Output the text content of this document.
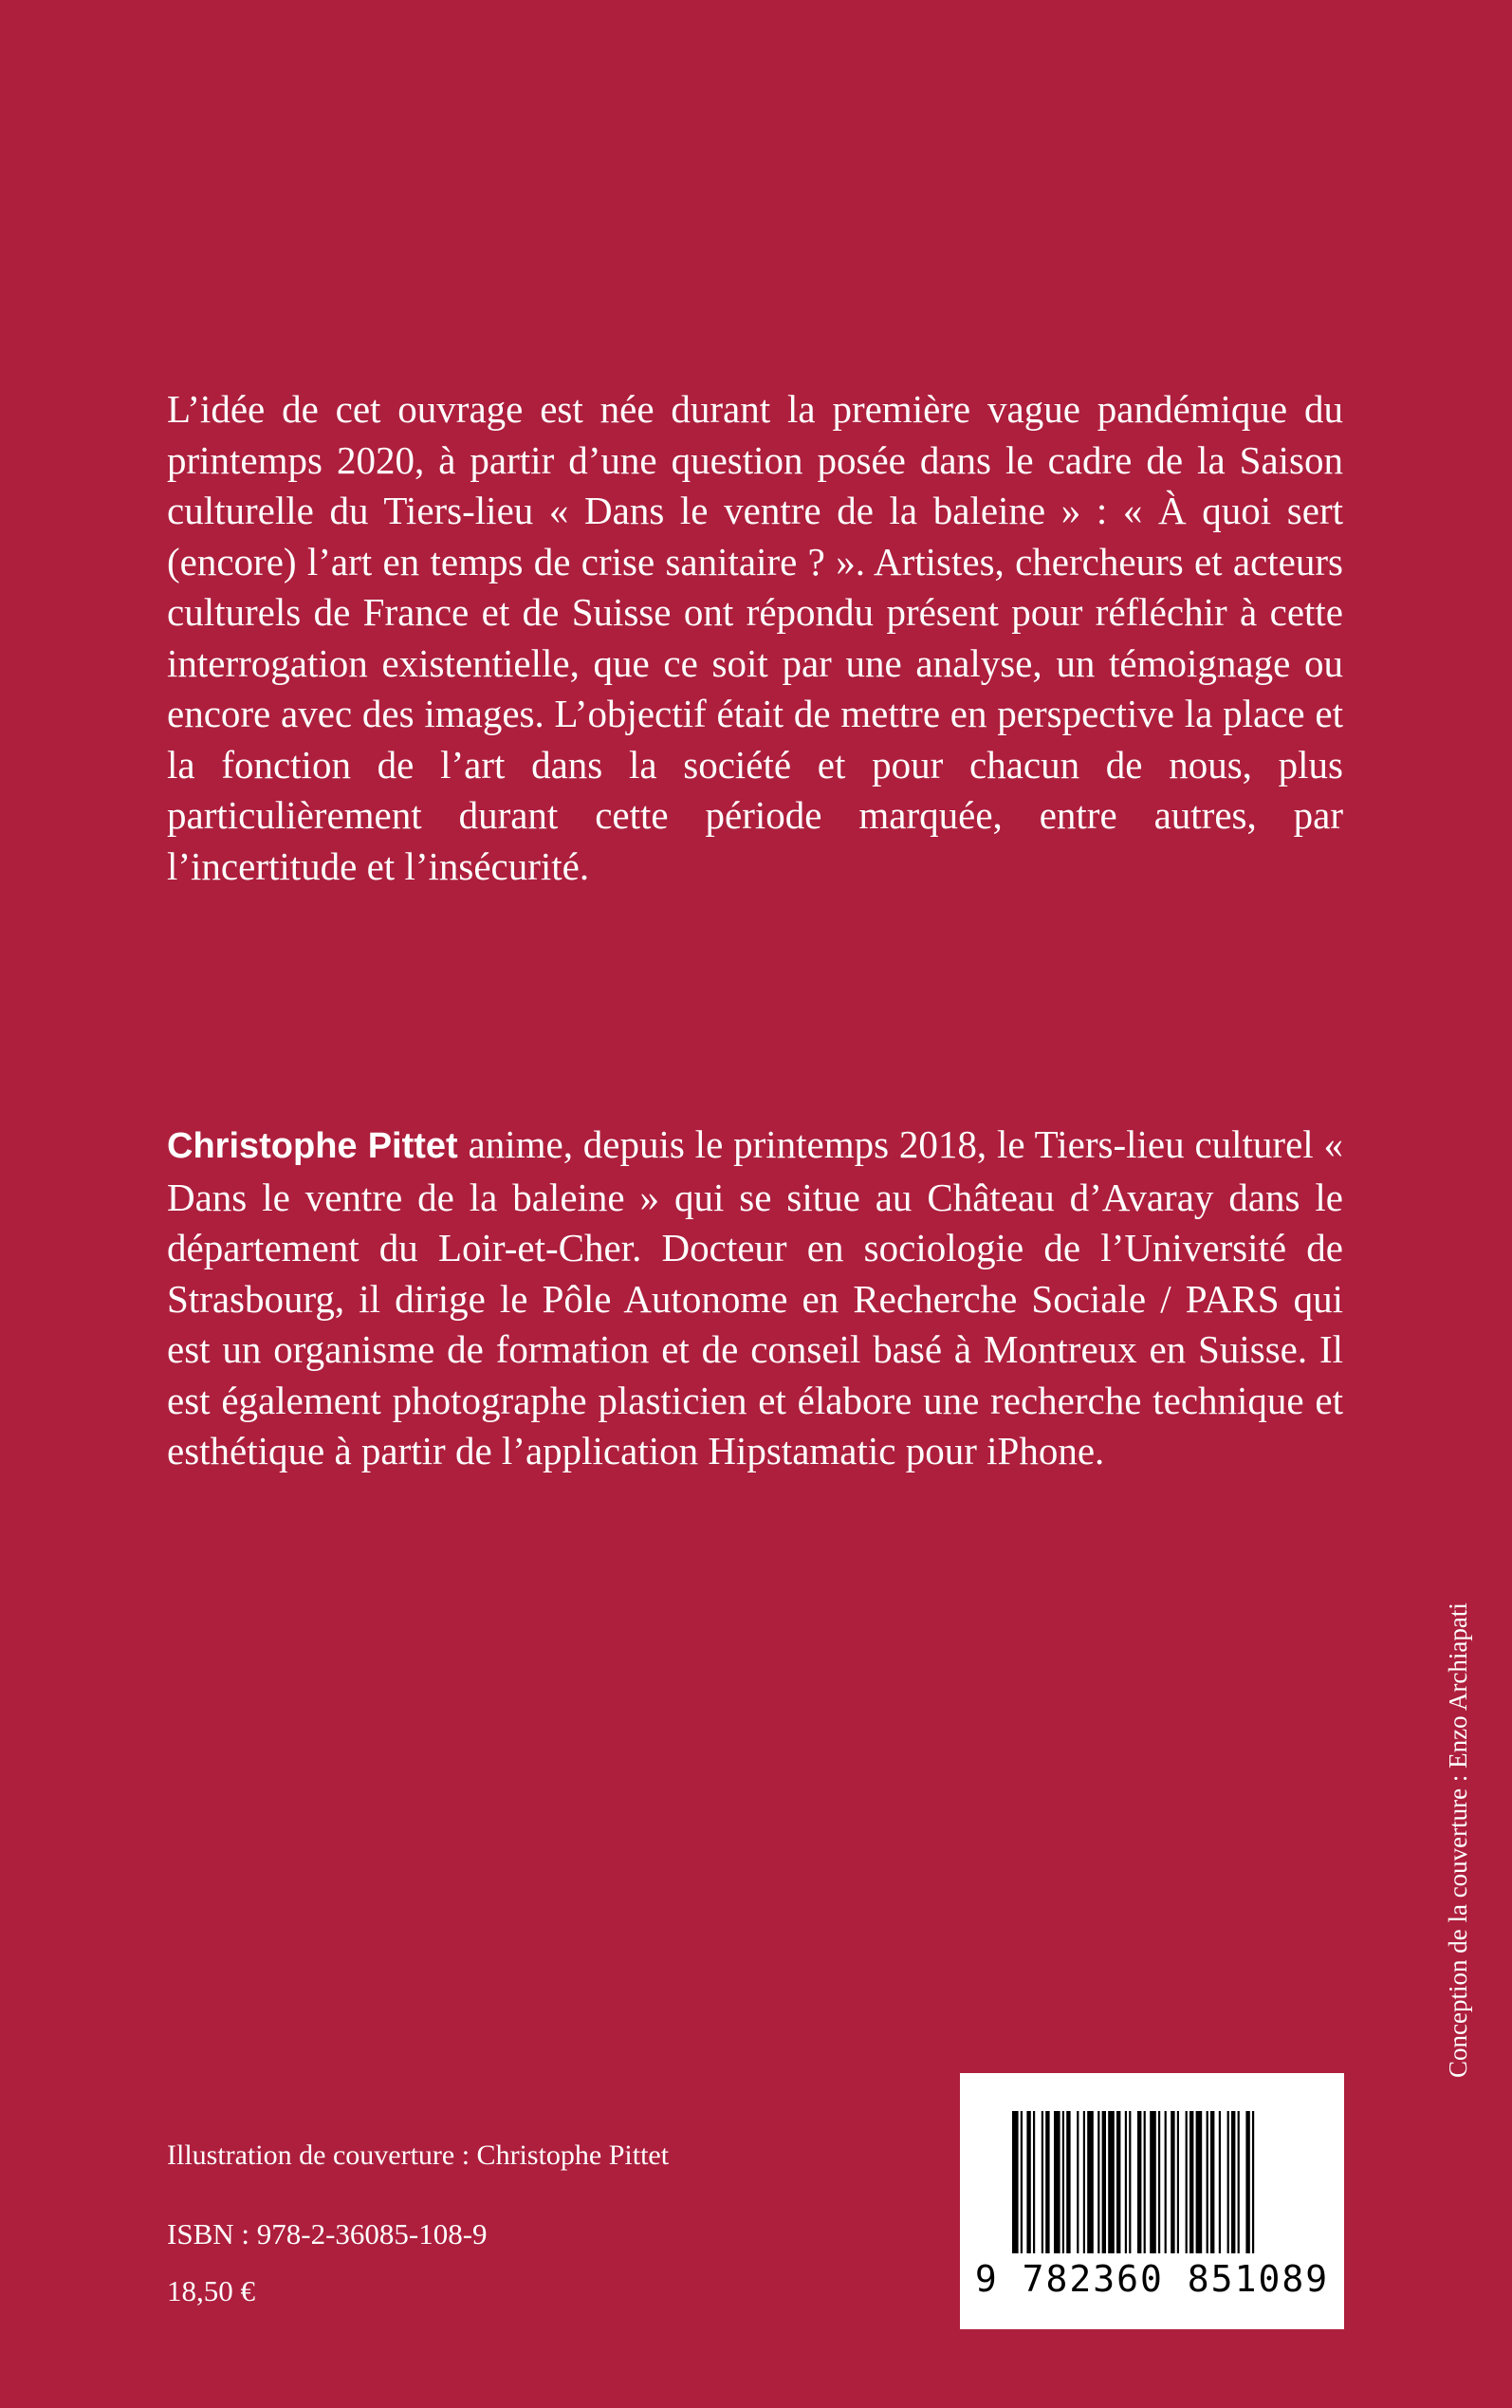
L’idée de cet ouvrage est née durant la première vague pandémique du printemps 2020, à partir d’une question posée dans le cadre de la Saison culturelle du Tiers-lieu « Dans le ventre de la baleine » : « À quoi sert (encore) l’art en temps de crise sanitaire ? ». Artistes, chercheurs et acteurs culturels de France et de Suisse ont répondu présent pour réfléchir à cette interrogation existentielle, que ce soit par une analyse, un témoignage ou encore avec des images. L’objectif était de mettre en perspective la place et la fonction de l’art dans la société et pour chacun de nous, plus particulièrement durant cette période marquée, entre autres, par l’incertitude et l’insécurité.

Christophe Pittet anime, depuis le printemps 2018, le Tiers-lieu culturel « Dans le ventre de la baleine » qui se situe au Château d’Avaray dans le département du Loir-et-Cher. Docteur en sociologie de l’Université de Strasbourg, il dirige le Pôle Autonome en Recherche Sociale / PARS qui est un organisme de formation et de conseil basé à Montreux en Suisse. Il est également photographe plasticien et élabore une recherche technique et esthétique à partir de l’application Hipstamatic pour iPhone.

Illustration de couverture : Christophe Pittet

ISBN : 978-2-36085-108-9

18,50 €

Conception de la couverture : Enzo Archiapati

9 782360 851089
